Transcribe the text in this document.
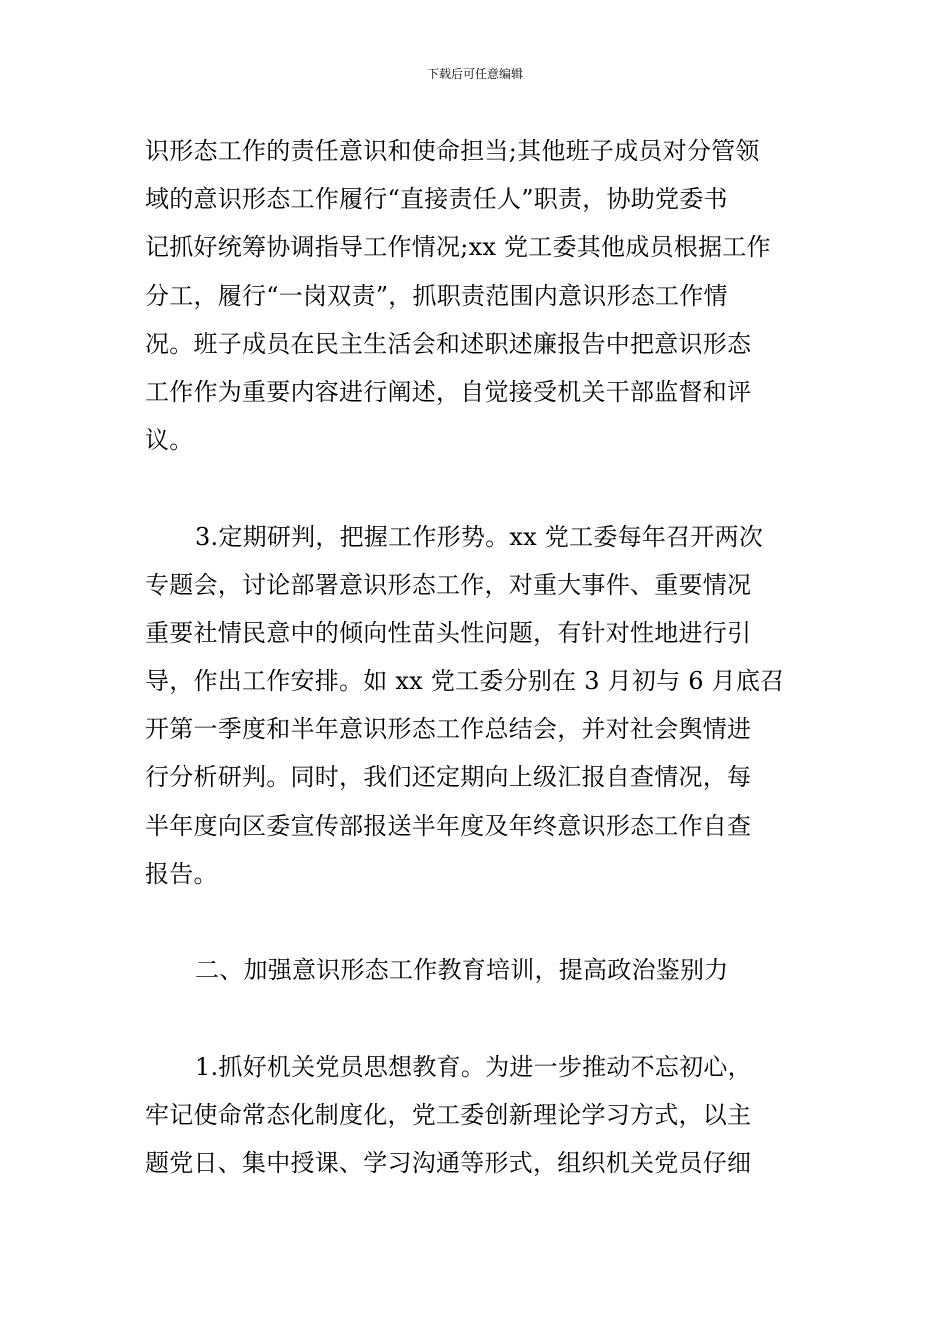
下载后可任意编辑
识形态工作的责任意识和使命担当;其他班子成员对分管领
域的意识形态工作履行“直接责任人”职责，协助党委书
记抓好统筹协调指导工作情况;xx 党工委其他成员根据工作
分工，履行“一岗双责”，抓职责范围内意识形态工作情
况。班子成员在民主生活会和述职述廉报告中把意识形态
工作作为重要内容进行阐述，自觉接受机关干部监督和评
议。
3.定期研判，把握工作形势。xx 党工委每年召开两次
专题会，讨论部署意识形态工作，对重大事件、重要情况
重要社情民意中的倾向性苗头性问题，有针对性地进行引
导，作出工作安排。如 xx 党工委分别在 3 月初与 6 月底召
开第一季度和半年意识形态工作总结会，并对社会舆情进
行分析研判。同时，我们还定期向上级汇报自查情况，每
半年度向区委宣传部报送半年度及年终意识形态工作自查
报告。
二、加强意识形态工作教育培训，提高政治鉴别力
1.抓好机关党员思想教育。为进一步推动不忘初心，
牢记使命常态化制度化，党工委创新理论学习方式，以主
题党日、集中授课、学习沟通等形式，组织机关党员仔细
